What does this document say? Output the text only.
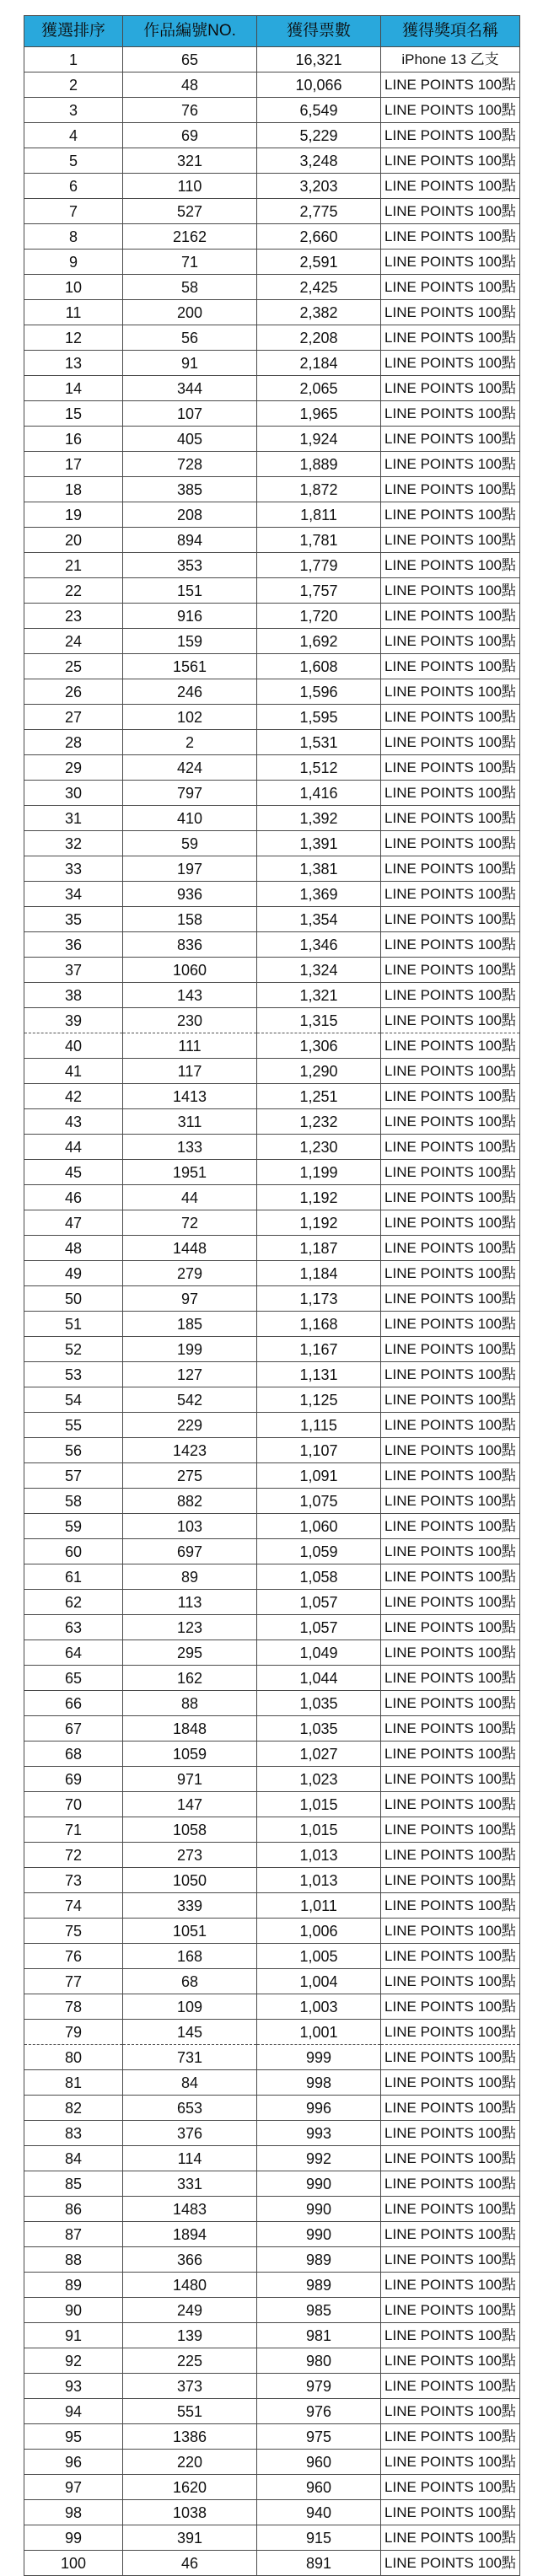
獲選排序	作品編號NO.	獲得票數	獲得獎項名稱
1	65	16,321	iPhone 13 乙支
2	48	10,066	LINE POINTS 100點
3	76	6,549	LINE POINTS 100點
4	69	5,229	LINE POINTS 100點
5	321	3,248	LINE POINTS 100點
6	110	3,203	LINE POINTS 100點
7	527	2,775	LINE POINTS 100點
8	2162	2,660	LINE POINTS 100點
9	71	2,591	LINE POINTS 100點
10	58	2,425	LINE POINTS 100點
11	200	2,382	LINE POINTS 100點
12	56	2,208	LINE POINTS 100點
13	91	2,184	LINE POINTS 100點
14	344	2,065	LINE POINTS 100點
15	107	1,965	LINE POINTS 100點
16	405	1,924	LINE POINTS 100點
17	728	1,889	LINE POINTS 100點
18	385	1,872	LINE POINTS 100點
19	208	1,811	LINE POINTS 100點
20	894	1,781	LINE POINTS 100點
21	353	1,779	LINE POINTS 100點
22	151	1,757	LINE POINTS 100點
23	916	1,720	LINE POINTS 100點
24	159	1,692	LINE POINTS 100點
25	1561	1,608	LINE POINTS 100點
26	246	1,596	LINE POINTS 100點
27	102	1,595	LINE POINTS 100點
28	2	1,531	LINE POINTS 100點
29	424	1,512	LINE POINTS 100點
30	797	1,416	LINE POINTS 100點
31	410	1,392	LINE POINTS 100點
32	59	1,391	LINE POINTS 100點
33	197	1,381	LINE POINTS 100點
34	936	1,369	LINE POINTS 100點
35	158	1,354	LINE POINTS 100點
36	836	1,346	LINE POINTS 100點
37	1060	1,324	LINE POINTS 100點
38	143	1,321	LINE POINTS 100點
39	230	1,315	LINE POINTS 100點
40	111	1,306	LINE POINTS 100點
41	117	1,290	LINE POINTS 100點
42	1413	1,251	LINE POINTS 100點
43	311	1,232	LINE POINTS 100點
44	133	1,230	LINE POINTS 100點
45	1951	1,199	LINE POINTS 100點
46	44	1,192	LINE POINTS 100點
47	72	1,192	LINE POINTS 100點
48	1448	1,187	LINE POINTS 100點
49	279	1,184	LINE POINTS 100點
50	97	1,173	LINE POINTS 100點
51	185	1,168	LINE POINTS 100點
52	199	1,167	LINE POINTS 100點
53	127	1,131	LINE POINTS 100點
54	542	1,125	LINE POINTS 100點
55	229	1,115	LINE POINTS 100點
56	1423	1,107	LINE POINTS 100點
57	275	1,091	LINE POINTS 100點
58	882	1,075	LINE POINTS 100點
59	103	1,060	LINE POINTS 100點
60	697	1,059	LINE POINTS 100點
61	89	1,058	LINE POINTS 100點
62	113	1,057	LINE POINTS 100點
63	123	1,057	LINE POINTS 100點
64	295	1,049	LINE POINTS 100點
65	162	1,044	LINE POINTS 100點
66	88	1,035	LINE POINTS 100點
67	1848	1,035	LINE POINTS 100點
68	1059	1,027	LINE POINTS 100點
69	971	1,023	LINE POINTS 100點
70	147	1,015	LINE POINTS 100點
71	1058	1,015	LINE POINTS 100點
72	273	1,013	LINE POINTS 100點
73	1050	1,013	LINE POINTS 100點
74	339	1,011	LINE POINTS 100點
75	1051	1,006	LINE POINTS 100點
76	168	1,005	LINE POINTS 100點
77	68	1,004	LINE POINTS 100點
78	109	1,003	LINE POINTS 100點
79	145	1,001	LINE POINTS 100點
80	731	999	LINE POINTS 100點
81	84	998	LINE POINTS 100點
82	653	996	LINE POINTS 100點
83	376	993	LINE POINTS 100點
84	114	992	LINE POINTS 100點
85	331	990	LINE POINTS 100點
86	1483	990	LINE POINTS 100點
87	1894	990	LINE POINTS 100點
88	366	989	LINE POINTS 100點
89	1480	989	LINE POINTS 100點
90	249	985	LINE POINTS 100點
91	139	981	LINE POINTS 100點
92	225	980	LINE POINTS 100點
93	373	979	LINE POINTS 100點
94	551	976	LINE POINTS 100點
95	1386	975	LINE POINTS 100點
96	220	960	LINE POINTS 100點
97	1620	960	LINE POINTS 100點
98	1038	940	LINE POINTS 100點
99	391	915	LINE POINTS 100點
100	46	891	LINE POINTS 100點
